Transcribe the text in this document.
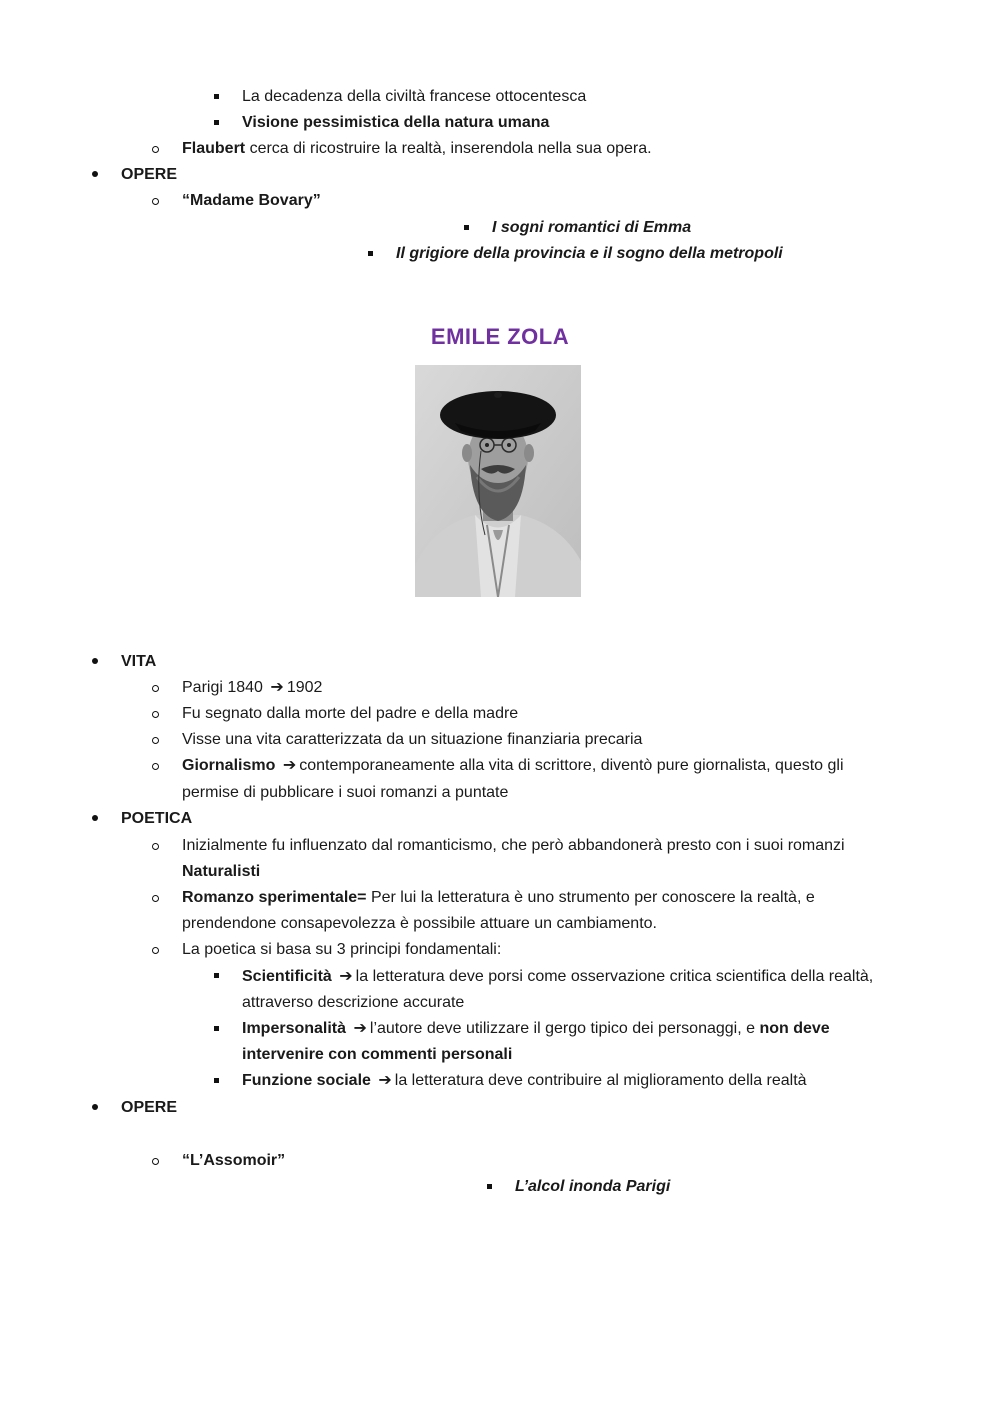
La decadenza della civiltà francese ottocentesca
Visione pessimistica della natura umana
Flaubert cerca di ricostruire la realtà, inserendola nella sua opera.
OPERE
“Madame Bovary”
I sogni romantici di Emma
Il grigiore della provincia e il sogno della metropoli
EMILE ZOLA
VITA
Parigi 1840 ➔ 1902
Fu segnato dalla morte del padre e della madre
Visse una vita caratterizzata da un situazione finanziaria precaria
Giornalismo ➔ contemporaneamente alla vita di scrittore, diventò pure giornalista, questo gli
permise di pubblicare i suoi romanzi a puntate
POETICA
Inizialmente fu influenzato dal romanticismo, che però abbandonerà presto con i suoi romanzi
Naturalisti
Romanzo sperimentale= Per lui la letteratura è uno strumento per conoscere la realtà, e
prendendone consapevolezza è possibile attuare un cambiamento.
La poetica si basa su 3 principi fondamentali:
Scientificità ➔ la letteratura deve porsi come osservazione critica scientifica della realtà,
attraverso descrizione accurate
Impersonalità ➔ l’autore deve utilizzare il gergo tipico dei personaggi, e non deve
intervenire con commenti personali
Funzione sociale ➔ la letteratura deve contribuire al miglioramento della realtà
OPERE
“L’Assomoir”
L’alcol inonda Parigi
